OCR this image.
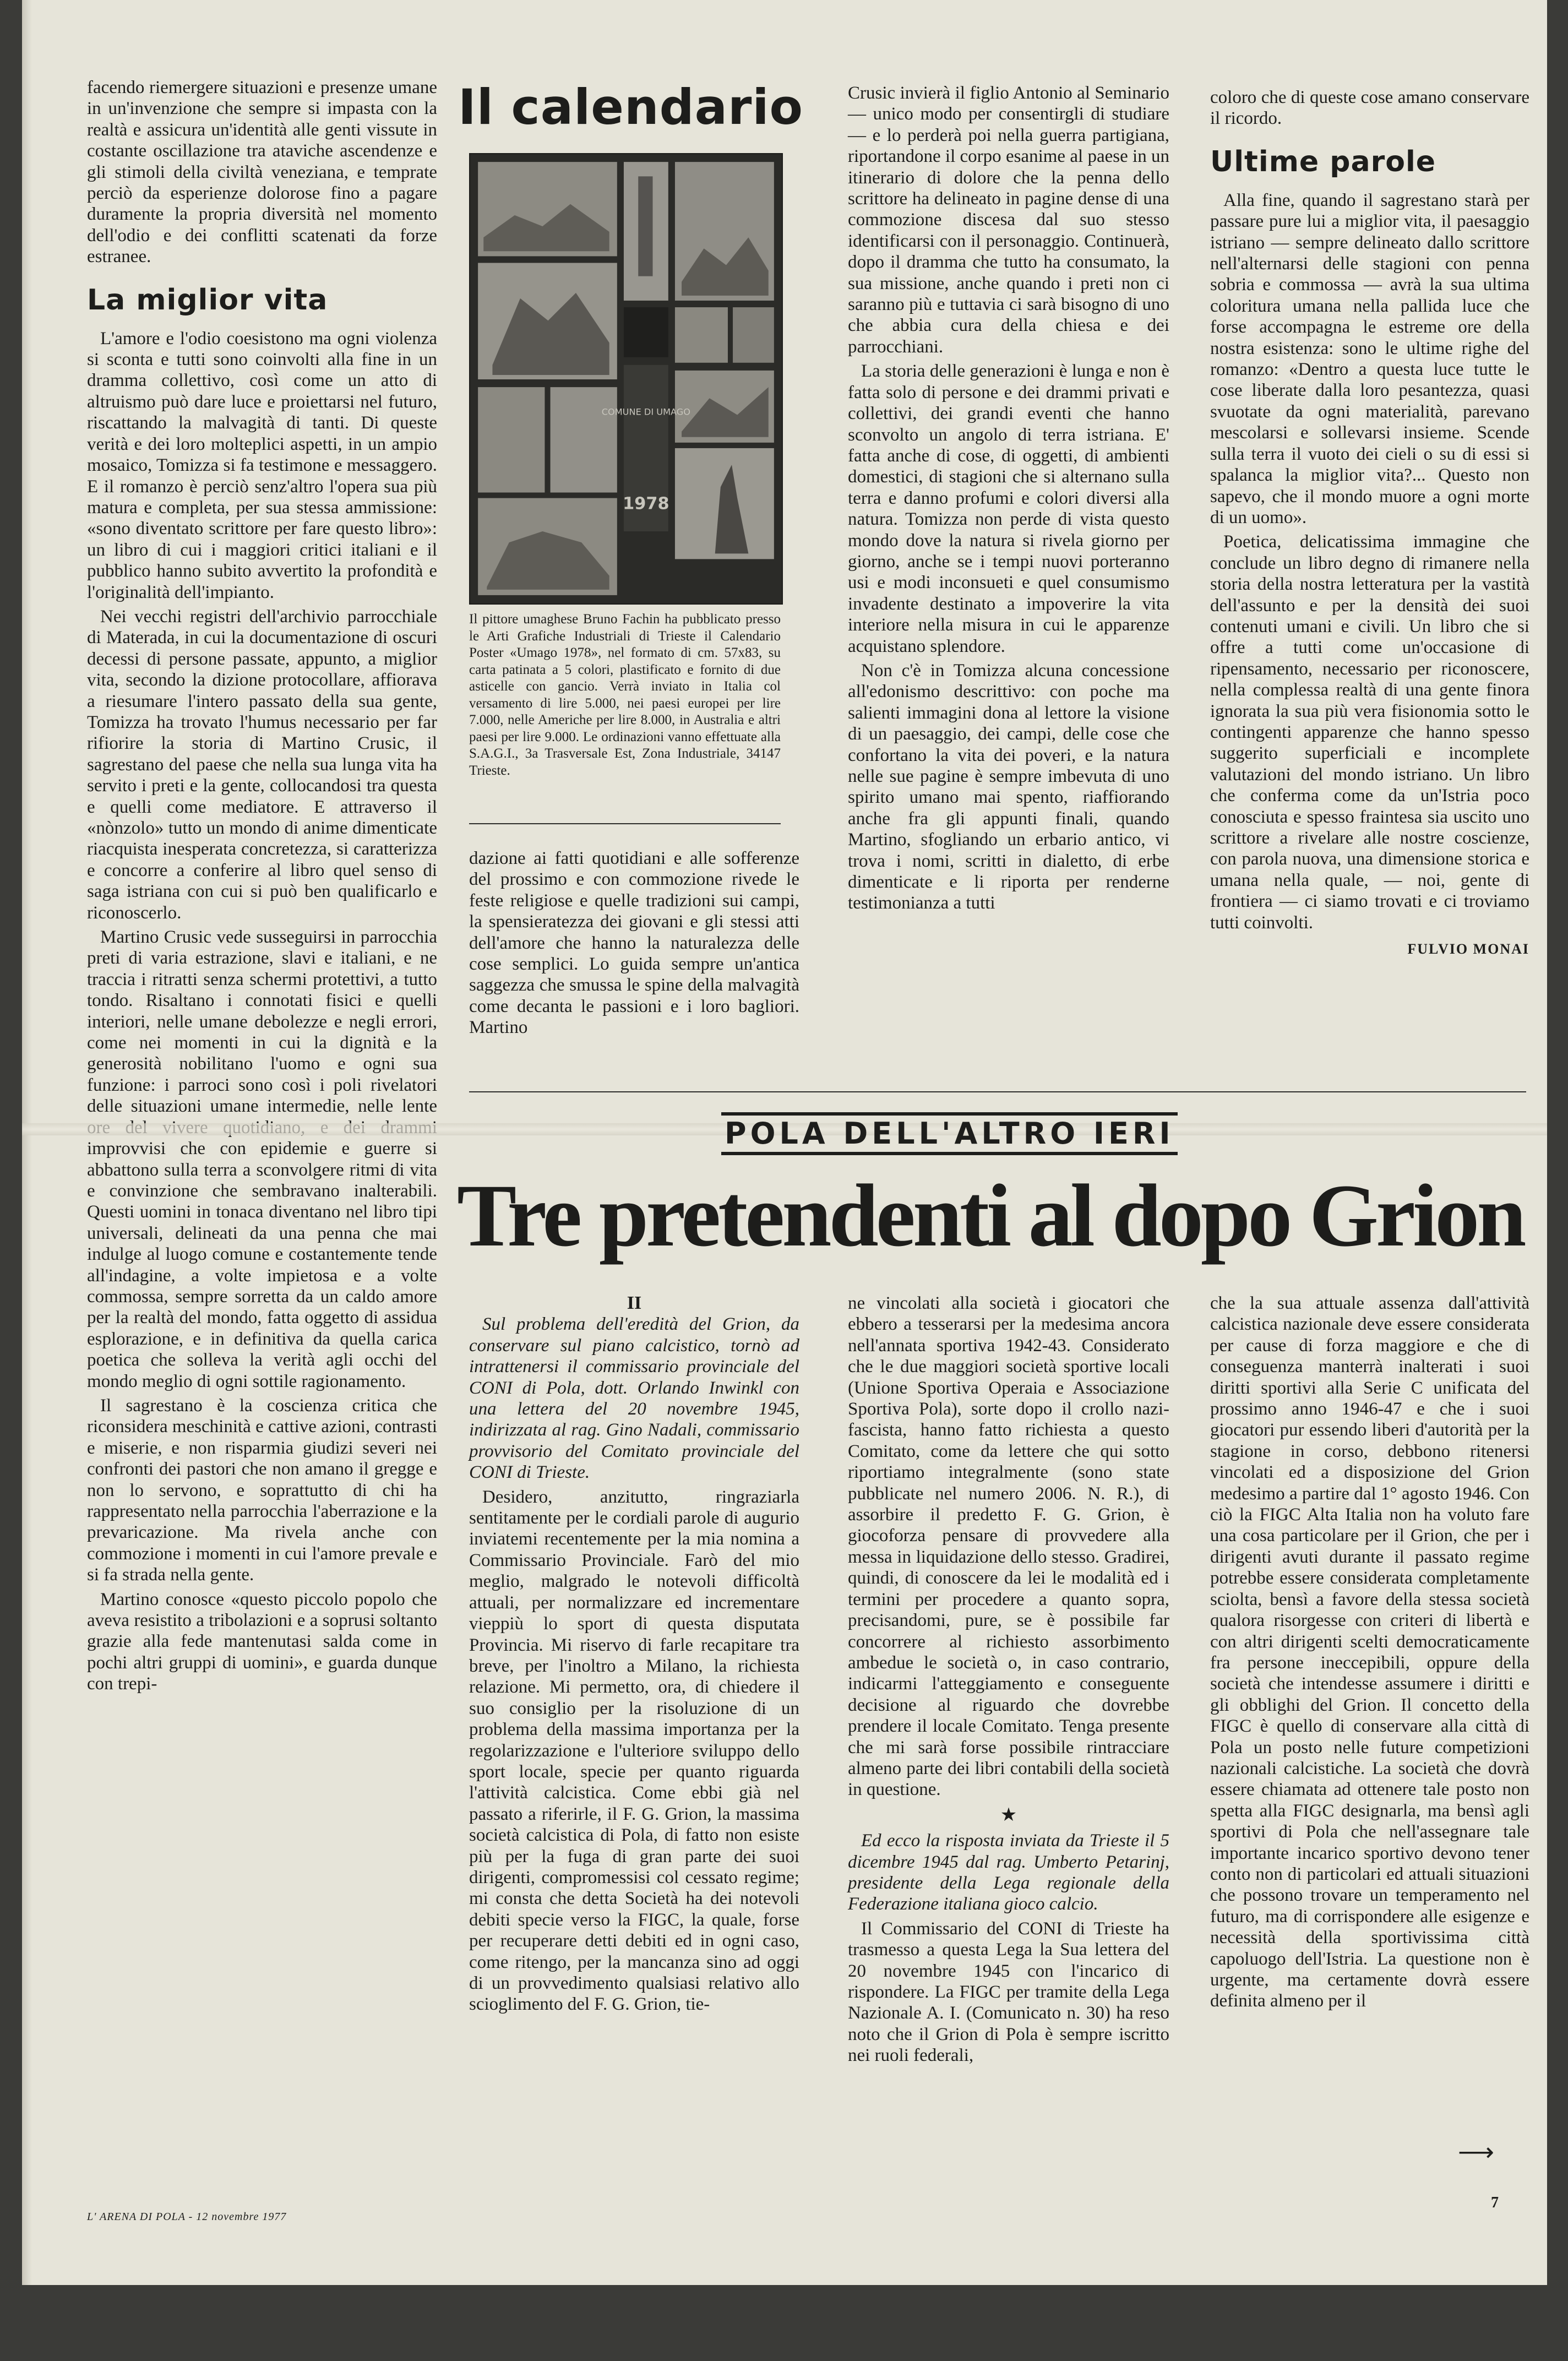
facendo riemergere situazioni e presenze umane in un'invenzione che sempre si impasta con la realtà e assicura un'identità alle genti vissute in costante oscillazione tra ataviche ascendenze e gli stimoli della civiltà veneziana, e temprate perciò da esperienze dolorose fino a pagare duramente la propria diversità nel momento dell'odio e dei conflitti scatenati da forze estranee.

La miglior vita

L'amore e l'odio coesistono ma ogni violenza si sconta e tutti sono coinvolti alla fine in un dramma collettivo, così come un atto di altruismo può dare luce e proiettarsi nel futuro, riscattando la malvagità di tanti. Di queste verità e dei loro molteplici aspetti, in un ampio mosaico, Tomizza si fa testimone e messaggero. E il romanzo è perciò senz'altro l'opera sua più matura e completa, per sua stessa ammissione: «sono diventato scrittore per fare questo libro»: un libro di cui i maggiori critici italiani e il pubblico hanno subito avvertito la profondità e l'originalità dell'impianto.

Nei vecchi registri dell'archivio parrocchiale di Materada, in cui la documentazione di oscuri decessi di persone passate, appunto, a miglior vita, secondo la dizione protocollare, affiorava a riesumare l'intero passato della sua gente, Tomizza ha trovato l'humus necessario per far rifiorire la storia di Martino Crusic, il sagrestano del paese che nella sua lunga vita ha servito i preti e la gente, collocandosi tra questa e quelli come mediatore. E attraverso il «nònzolo» tutto un mondo di anime dimenticate riacquista inesperata concretezza, si caratterizza e concorre a conferire al libro quel senso di saga istriana con cui si può ben qualificarlo e riconoscerlo.

Martino Crusic vede susseguirsi in parrocchia preti di varia estrazione, slavi e italiani, e ne traccia i ritratti senza schermi protettivi, a tutto tondo. Risaltano i connotati fisici e quelli interiori, nelle umane debolezze e negli errori, come nei momenti in cui la dignità e la generosità nobilitano l'uomo e ogni sua funzione: i parroci sono così i poli rivelatori delle situazioni umane intermedie, nelle lente improvvisi che con epidemie e guerre si abbattono sulla terra a sconvolgere ritmi di vita e convinzione che sembravano inalterabili. Questi uomini in tonaca diventano nel libro tipi universali, delineati da una penna che mai indulge al luogo comune e costantemente tende all'indagine, a volte impietosa e a volte commossa, sempre sorretta da un caldo amore per la realtà del mondo, fatta oggetto di assidua esplorazione, e in definitiva da quella carica poetica che solleva la verità agli occhi del mondo meglio di ogni sottile ragionamento.

Il sagrestano è la coscienza critica che riconsidera meschinità e cattive azioni, contrasti e miserie, e non risparmia giudizi severi nei confronti dei pastori che non amano il gregge e non lo servono, e soprattutto di chi ha rappresentato nella parrocchia l'aberrazione e la prevaricazione. Ma rivela anche con commozione i momenti in cui l'amore prevale e si fa strada nella gente.

Martino conosce «questo piccolo popolo che aveva resistito a tribolazioni e a soprusi soltanto grazie alla fede mantenutasi salda come in pochi altri gruppi di uomini», e guarda dunque con trepi-

Il calendario
COMUNE DI UMAGO
1978
Il pittore umaghese Bruno Fachin ha pubblicato presso le Arti Grafiche Industriali di Trieste il Calendario Poster «Umago 1978», nel formato di cm. 57x83, su carta patinata a 5 colori, plastificato e fornito di due asticelle con gancio. Verrà inviato in Italia col versamento di lire 5.000, nei paesi europei per lire 7.000, nelle Americhe per lire 8.000, in Australia e altri paesi per lire 9.000. Le ordinazioni vanno effettuate alla S.A.G.I., 3a Trasversale Est, Zona Industriale, 34147 Trieste.

dazione ai fatti quotidiani e alle sofferenze del prossimo e con commozione rivede le feste religiose e quelle tradizioni sui campi, la spensieratezza dei giovani e gli stessi atti dell'amore che hanno la naturalezza delle cose semplici. Lo guida sempre un'antica saggezza che smussa le spine della malvagità come decanta le passioni e i loro bagliori. Martino

Crusic invierà il figlio Antonio al Seminario — unico modo per consentirgli di studiare — e lo perderà poi nella guerra partigiana, riportandone il corpo esanime al paese in un itinerario di dolore che la penna dello scrittore ha delineato in pagine dense di una commozione discesa dal suo stesso identificarsi con il personaggio. Continuerà, dopo il dramma che tutto ha consumato, la sua missione, anche quando i preti non ci saranno più e tuttavia ci sarà bisogno di uno che abbia cura della chiesa e dei parrocchiani.

La storia delle generazioni è lunga e non è fatta solo di persone e dei drammi privati e collettivi, dei grandi eventi che hanno sconvolto un angolo di terra istriana. E' fatta anche di cose, di oggetti, di ambienti domestici, di stagioni che si alternano sulla terra e danno profumi e colori diversi alla natura. Tomizza non perde di vista questo mondo dove la natura si rivela giorno per giorno, anche se i tempi nuovi porteranno usi e modi inconsueti e quel consumismo invadente destinato a impoverire la vita interiore nella misura in cui le apparenze acquistano splendore.

Non c'è in Tomizza alcuna concessione all'edonismo descrittivo: con poche ma salienti immagini dona al lettore la visione di un paesaggio, dei campi, delle cose che confortano la vita dei poveri, e la natura nelle sue pagine è sempre imbevuta di uno spirito umano mai spento, riaffiorando anche fra gli appunti finali, quando Martino, sfogliando un erbario antico, vi trova i nomi, scritti in dialetto, di erbe dimenticate e li riporta per renderne testimonianza a tutti

coloro che di queste cose amano conservare il ricordo.

Ultime parole

Alla fine, quando il sagrestano starà per passare pure lui a miglior vita, il paesaggio istriano — sempre delineato dallo scrittore nell'alternarsi delle stagioni con penna sobria e commossa — avrà la sua ultima coloritura umana nella pallida luce che forse accompagna le estreme ore della nostra esistenza: sono le ultime righe del romanzo: «Dentro a questa luce tutte le cose liberate dalla loro pesantezza, quasi svuotate da ogni materialità, parevano mescolarsi e sollevarsi insieme. Scende sulla terra il vuoto dei cieli o su di essi si spalanca la miglior vita?... Questo non sapevo, che il mondo muore a ogni morte di un uomo».

Poetica, delicatissima immagine che conclude un libro degno di rimanere nella storia della nostra letteratura per la vastità dell'assunto e per la densità dei suoi contenuti umani e civili. Un libro che si offre a tutti come un'occasione di ripensamento, necessario per riconoscere, nella complessa realtà di una gente finora ignorata la sua più vera fisionomia sotto le contingenti apparenze che hanno spesso suggerito superficiali e incomplete valutazioni del mondo istriano. Un libro che conferma come da un'Istria poco conosciuta e spesso fraintesa sia uscito uno scrittore a rivelare alle nostre coscienze, con parola nuova, una dimensione storica e umana nella quale, — noi, gente di frontiera — ci siamo trovati e ci troviamo tutti coinvolti.

FULVIO MONAI

POLA DELL'ALTRO IERI
Tre pretendenti al dopo Grion

II

Sul problema dell'eredità del Grion, da conservare sul piano calcistico, tornò ad intrattenersi il commissario provinciale del CONI di Pola, dott. Orlando Inwinkl con una lettera del 20 novembre 1945, indirizzata al rag. Gino Nadali, commissario provvisorio del Comitato provinciale del CONI di Trieste.

Desidero, anzitutto, ringraziarla sentitamente per le cordiali parole di augurio inviatemi recentemente per la mia nomina a Commissario Provinciale. Farò del mio meglio, malgrado le notevoli difficoltà attuali, per normalizzare ed incrementare vieppiù lo sport di questa disputata Provincia. Mi riservo di farle recapitare tra breve, per l'inoltro a Milano, la richiesta relazione. Mi permetto, ora, di chiedere il suo consiglio per la risoluzione di un problema della massima importanza per la regolarizzazione e l'ulteriore sviluppo dello sport locale, specie per quanto riguarda l'attività calcistica. Come ebbi già nel passato a riferirle, il F. G. Grion, la massima società calcistica di Pola, di fatto non esiste più per la fuga di gran parte dei suoi dirigenti, compromessisi col cessato regime; mi consta che detta Società ha dei notevoli debiti specie verso la FIGC, la quale, forse per recuperare detti debiti ed in ogni caso, come ritengo, per la mancanza sino ad oggi di un provvedimento qualsiasi relativo allo scioglimento del F. G. Grion, tie-

ne vincolati alla società i giocatori che ebbero a tesserarsi per la medesima ancora nell'annata sportiva 1942-43. Considerato che le due maggiori società sportive locali (Unione Sportiva Operaia e Associazione Sportiva Pola), sorte dopo il crollo nazi-fascista, hanno fatto richiesta a questo Comitato, come da lettere che qui sotto riportiamo integralmente (sono state pubblicate nel numero 2006. N. R.), di assorbire il predetto F. G. Grion, è giocoforza pensare di provvedere alla messa in liquidazione dello stesso. Gradirei, quindi, di conoscere da lei le modalità ed i termini per procedere a quanto sopra, precisandomi, pure, se è possibile far concorrere al richiesto assorbimento ambedue le società o, in caso contrario, indicarmi l'atteggiamento e conseguente decisione al riguardo che dovrebbe prendere il locale Comitato. Tenga presente che mi sarà forse possibile rintracciare almeno parte dei libri contabili della società in questione.

★

Ed ecco la risposta inviata da Trieste il 5 dicembre 1945 dal rag. Umberto Petarinj, presidente della Lega regionale della Federazione italiana gioco calcio.

Il Commissario del CONI di Trieste ha trasmesso a questa Lega la Sua lettera del 20 novembre 1945 con l'incarico di rispondere. La FIGC per tramite della Lega Nazionale A. I. (Comunicato n. 30) ha reso noto che il Grion di Pola è sempre iscritto nei ruoli federali,

che la sua attuale assenza dall'attività calcistica nazionale deve essere considerata per cause di forza maggiore e che di conseguenza manterrà inalterati i suoi diritti sportivi alla Serie C unificata del prossimo anno 1946-47 e che i suoi giocatori pur essendo liberi d'autorità per la stagione in corso, debbono ritenersi vincolati ed a disposizione del Grion medesimo a partire dal 1° agosto 1946. Con ciò la FIGC Alta Italia non ha voluto fare una cosa particolare per il Grion, che per i dirigenti avuti durante il passato regime potrebbe essere considerata completamente sciolta, bensì a favore della stessa società qualora risorgesse con criteri di libertà e con altri dirigenti scelti democraticamente fra persone ineccepibili, oppure della società che intendesse assumere i diritti e gli obblighi del Grion. Il concetto della FIGC è quello di conservare alla città di Pola un posto nelle future competizioni nazionali calcistiche. La società che dovrà essere chiamata ad ottenere tale posto non spetta alla FIGC designarla, ma bensì agli sportivi di Pola che nell'assegnare tale importante incarico sportivo devono tener conto non di particolari ed attuali situazioni che possono trovare un temperamento nel futuro, ma di corrispondere alle esigenze e necessità della sportivissima città capoluogo dell'Istria. La questione non è urgente, ma certamente dovrà essere definita almeno per il

⟶
L' ARENA DI POLA - 12 novembre 1977
7
